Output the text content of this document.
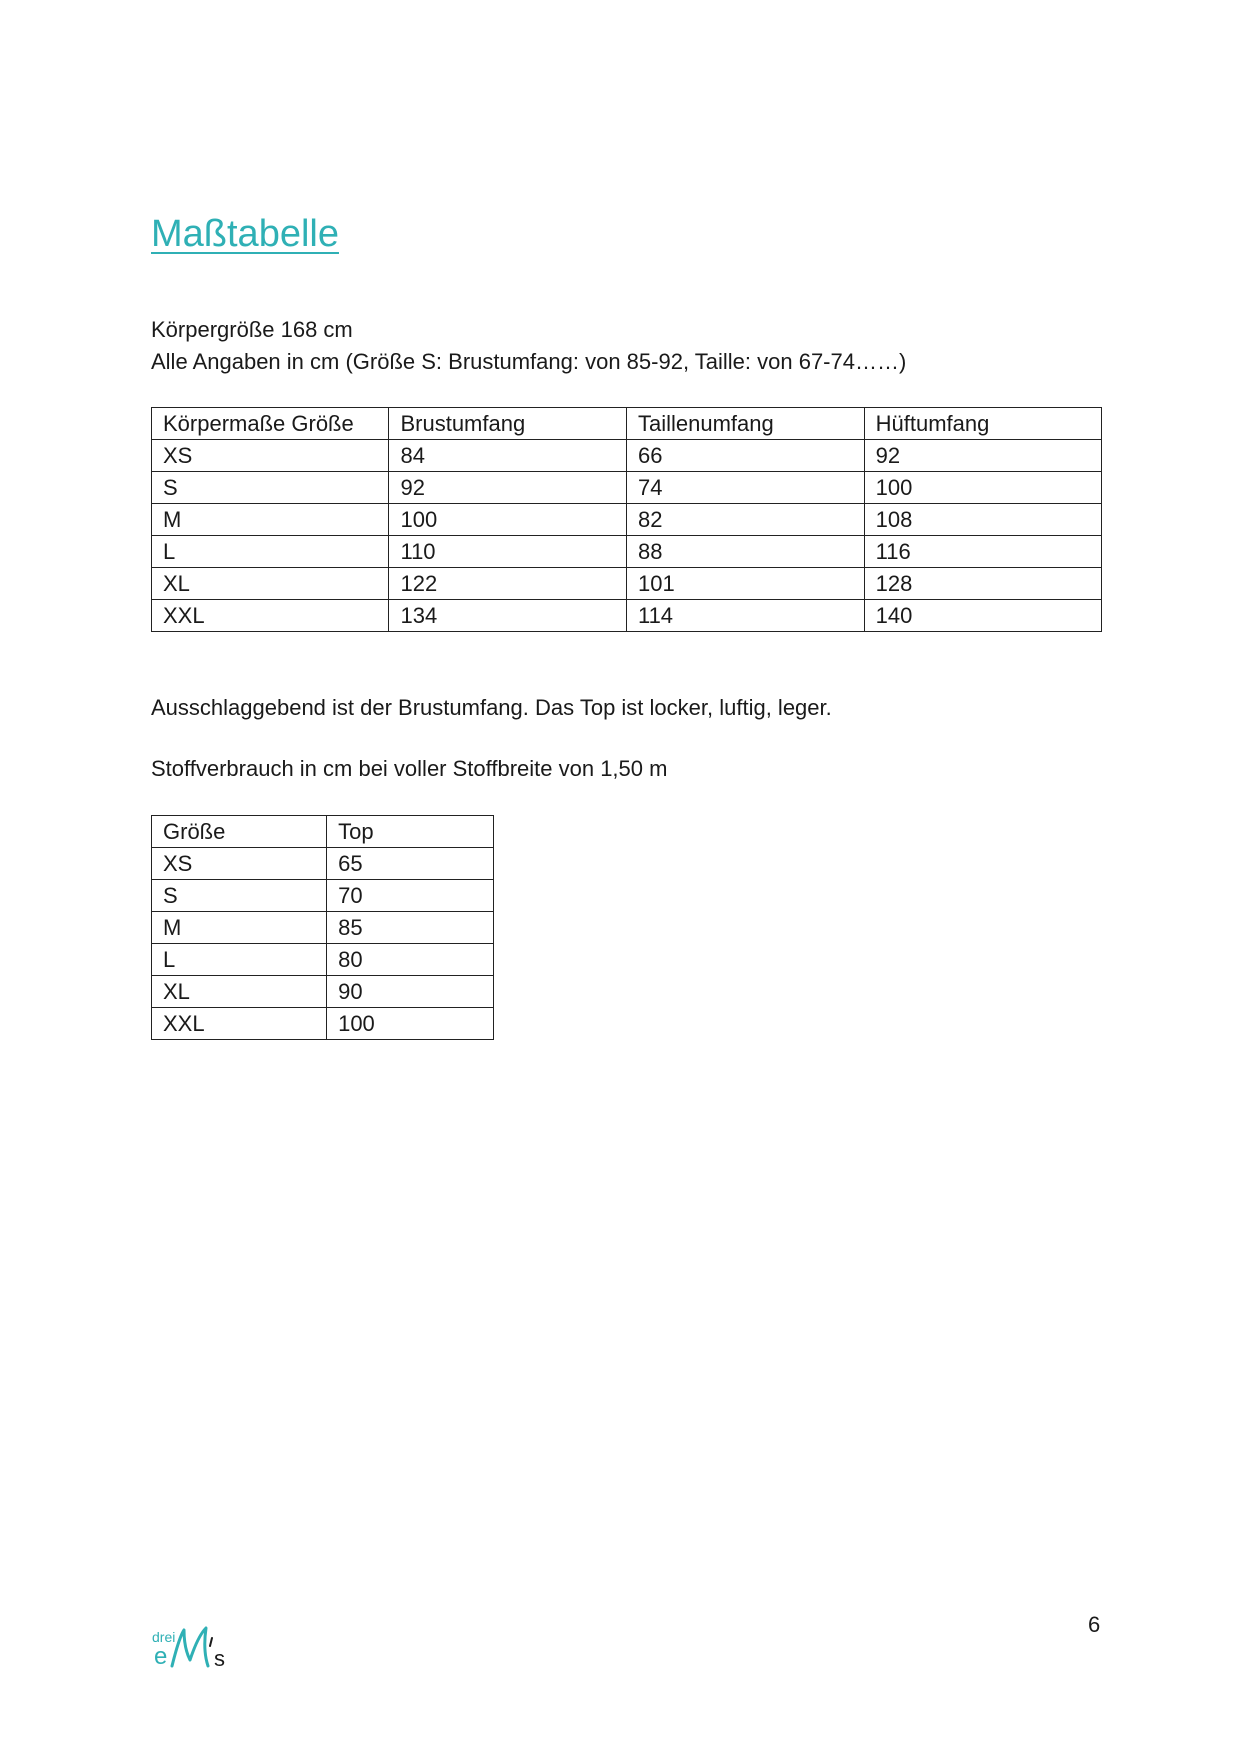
Maßtabelle

Körpergröße 168 cm

Alle Angaben in cm (Größe S: Brustumfang: von 85-92, Taille: von 67-74……)

Körpermaße Größe	Brustumfang	Taillenumfang	Hüftumfang
XS	84	66	92
S	92	74	100
M	100	82	108
L	110	88	116
XL	122	101	128
XXL	134	114	140

Ausschlaggebend ist der Brustumfang. Das Top ist locker, luftig, leger.

Stoffverbrauch in cm bei voller Stoffbreite von 1,50 m

Größe	Top
XS	65
S	70
M	85
L	80
XL	90
XXL	100
drei
e s

6
